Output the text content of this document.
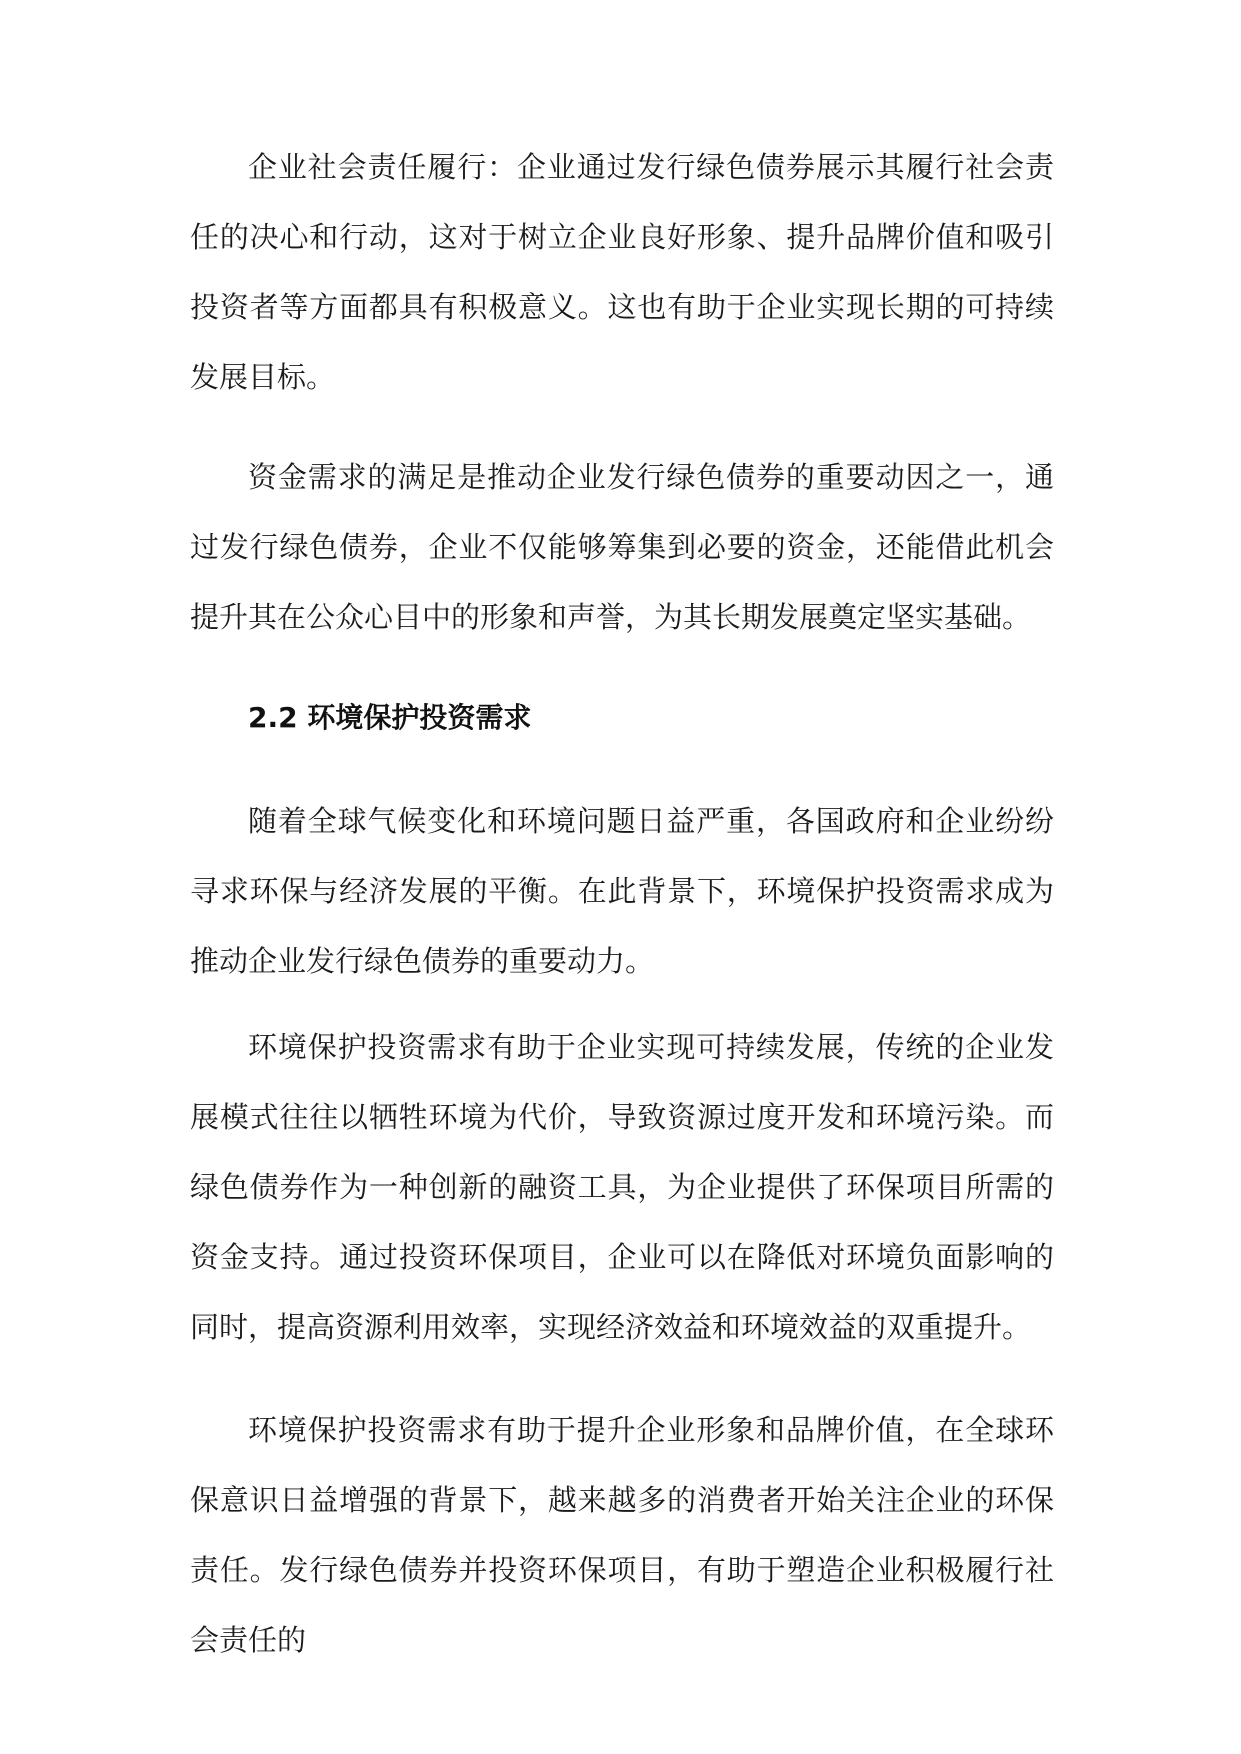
企业社会责任履行：企业通过发行绿色债券展示其履行社会责任的决心和行动，这对于树立企业良好形象、提升品牌价值和吸引投资者等方面都具有积极意义。这也有助于企业实现长期的可持续发展目标。

资金需求的满足是推动企业发行绿色债券的重要动因之一，通过发行绿色债券，企业不仅能够筹集到必要的资金，还能借此机会提升其在公众心目中的形象和声誉，为其长期发展奠定坚实基础。

2.2 环境保护投资需求

随着全球气候变化和环境问题日益严重，各国政府和企业纷纷寻求环保与经济发展的平衡。在此背景下，环境保护投资需求成为推动企业发行绿色债券的重要动力。

环境保护投资需求有助于企业实现可持续发展，传统的企业发展模式往往以牺牲环境为代价，导致资源过度开发和环境污染。而绿色债券作为一种创新的融资工具，为企业提供了环保项目所需的资金支持。通过投资环保项目，企业可以在降低对环境负面影响的同时，提高资源利用效率，实现经济效益和环境效益的双重提升。

环境保护投资需求有助于提升企业形象和品牌价值，在全球环保意识日益增强的背景下，越来越多的消费者开始关注企业的环保责任。发行绿色债券并投资环保项目，有助于塑造企业积极履行社会责任的
